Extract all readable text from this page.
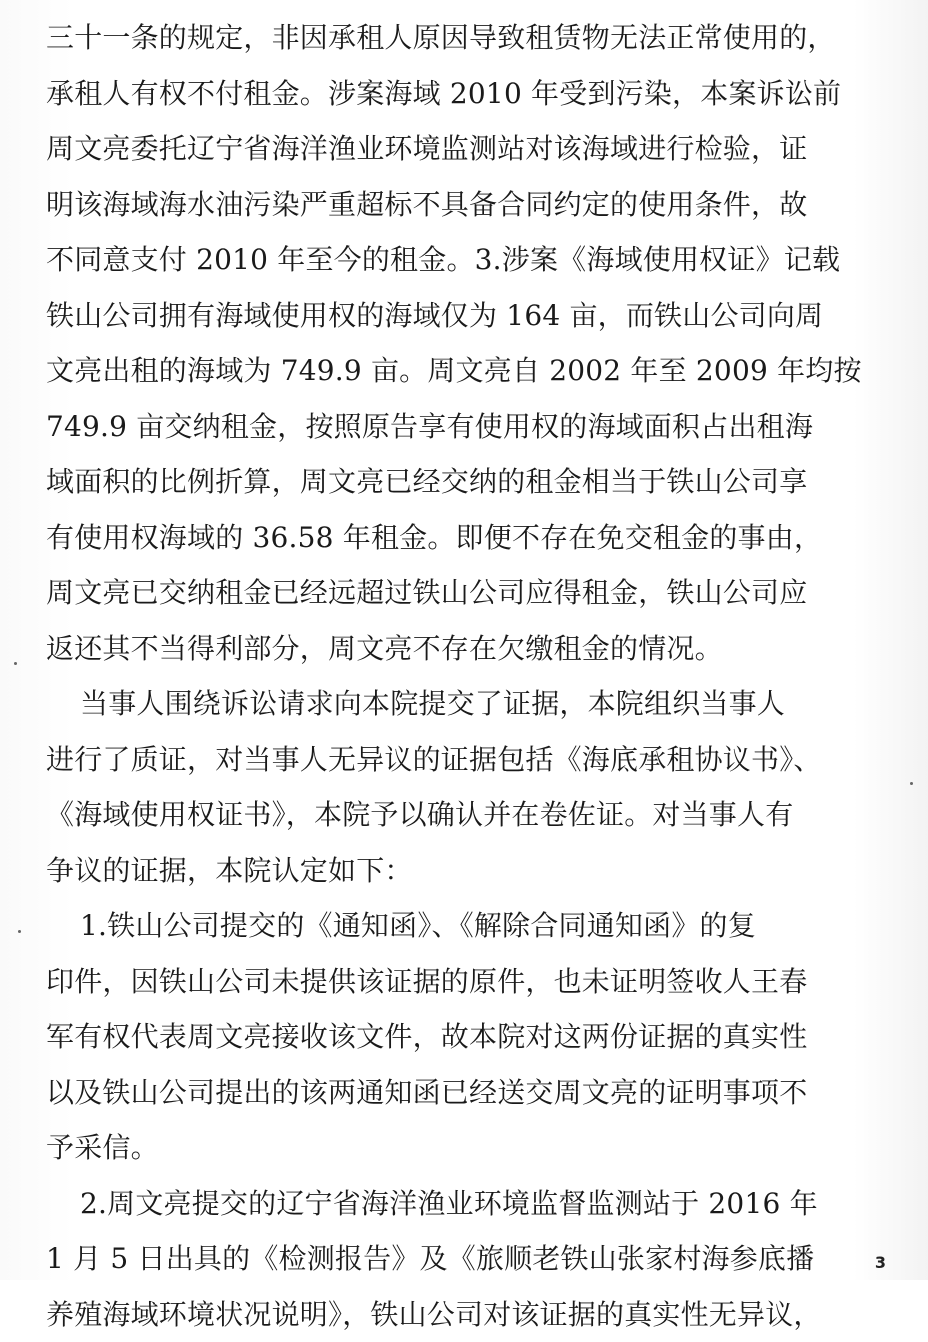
三十一条的规定，非因承租人原因导致租赁物无法正常使用的，
承租人有权不付租金。涉案海域 2010 年受到污染，本案诉讼前
周文亮委托辽宁省海洋渔业环境监测站对该海域进行检验，证
明该海域海水油污染严重超标不具备合同约定的使用条件，故
不同意支付 2010 年至今的租金。3.涉案《海域使用权证》记载
铁山公司拥有海域使用权的海域仅为 164 亩，而铁山公司向周
文亮出租的海域为 749.9 亩。周文亮自 2002 年至 2009 年均按
749.9 亩交纳租金，按照原告享有使用权的海域面积占出租海
域面积的比例折算，周文亮已经交纳的租金相当于铁山公司享
有使用权海域的 36.58 年租金。即便不存在免交租金的事由，
周文亮已交纳租金已经远超过铁山公司应得租金，铁山公司应
返还其不当得利部分，周文亮不存在欠缴租金的情况。
当事人围绕诉讼请求向本院提交了证据，本院组织当事人
进行了质证，对当事人无异议的证据包括《海底承租协议书》、
《海域使用权证书》，本院予以确认并在卷佐证。对当事人有
争议的证据，本院认定如下：
1.铁山公司提交的《通知函》、《解除合同通知函》的复
印件，因铁山公司未提供该证据的原件，也未证明签收人王春
军有权代表周文亮接收该文件，故本院对这两份证据的真实性
以及铁山公司提出的该两通知函已经送交周文亮的证明事项不
予采信。
2.周文亮提交的辽宁省海洋渔业环境监督监测站于 2016 年
1 月 5 日出具的《检测报告》及《旅顺老铁山张家村海参底播
养殖海域环境状况说明》，铁山公司对该证据的真实性无异议，
3
